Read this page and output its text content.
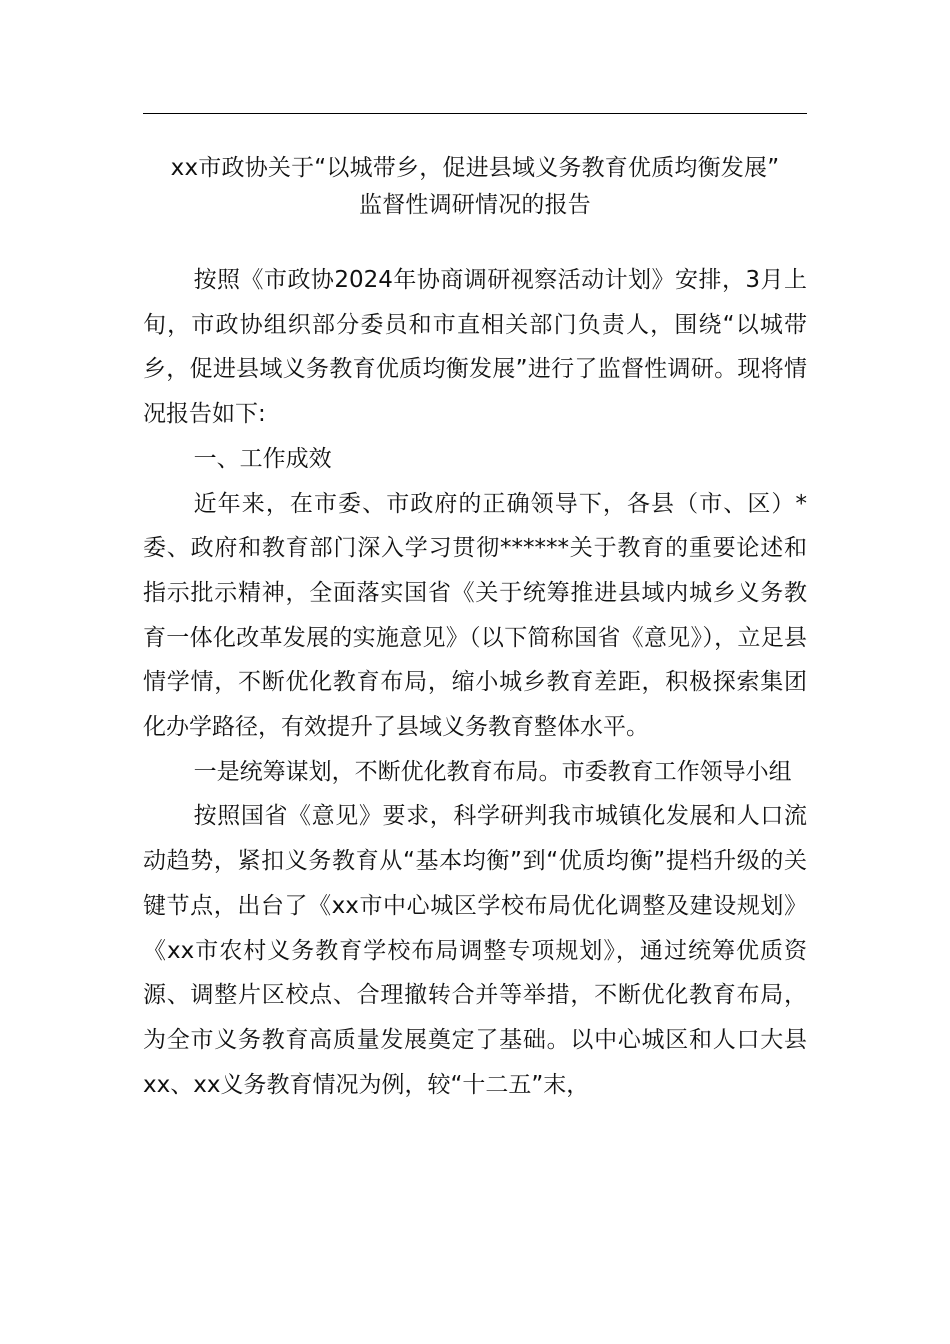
xx市政协关于“以城带乡，促进县域义务教育优质均衡发展”
监督性调研情况的报告

按照《市政协2024年协商调研视察活动计划》安排，3月上旬，市政协组织部分委员和市直相关部门负责人，围绕“以城带乡，促进县域义务教育优质均衡发展”进行了监督性调研。现将情况报告如下:

一、工作成效

近年来，在市委、市政府的正确领导下，各县（市、区）*委、政府和教育部门深入学习贯彻******关于教育的重要论述和指示批示精神，全面落实国省《关于统筹推进县域内城乡义务教育一体化改革发展的实施意见》（以下简称国省《意见》），立足县情学情，不断优化教育布局，缩小城乡教育差距，积极探索集团化办学路径，有效提升了县域义务教育整体水平。

一是统筹谋划，不断优化教育布局。市委教育工作领导小组

按照国省《意见》要求，科学研判我市城镇化发展和人口流动趋势，紧扣义务教育从“基本均衡”到“优质均衡”提档升级的关键节点，出台了《xx市中心城区学校布局优化调整及建设规划》《xx市农村义务教育学校布局调整专项规划》，通过统筹优质资源、调整片区校点、合理撤转合并等举措，不断优化教育布局，为全市义务教育高质量发展奠定了基础。以中心城区和人口大县xx、xx义务教育情况为例，较“十二五”末，
